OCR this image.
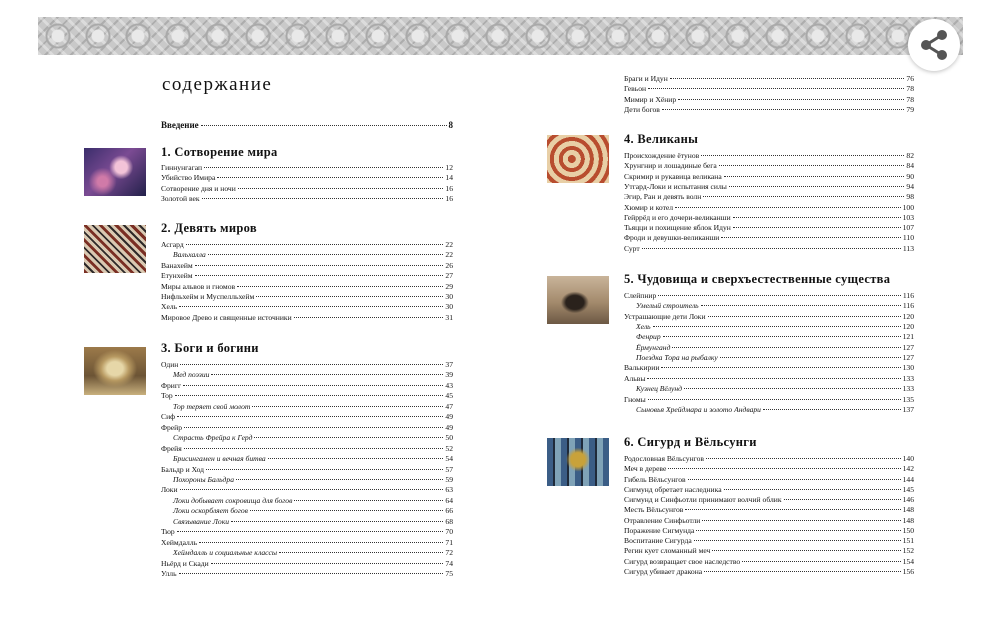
содержание
Введение	8
1. Сотворение мира
Гиннунгагап	12
Убийство Имира	14
Сотворение дня и ночи	16
Золотой век	16
2. Девять миров
Асгард	22
Вальхалла	22
Ванахейм	26
Етунхейм	27
Миры альвов и гномов	29
Нифльхейм и Муспелльхейм	30
Хель	30
Мировое Древо и священные источники	31
3. Боги и богини
Один	37
Мед поэзии	39
Фригг	43
Тор	45
Тор теряет свой молот	47
Сиф	49
Фрейр	49
Страсть Фрейра к Герд	50
Фрейя	52
Брисингамен и вечная битва	54
Бальдр и Ход	57
Похороны Бальдра	59
Локи	63
Локи добывает сокровища для богов	64
Локи оскорбляет богов	66
Связывание Локи	68
Тюр	70
Хеймдалль	71
Хеймдалль и социальные классы	72
Ньёрд и Скади	74
Улль	75
Браги и Идун	76
Гевьон	78
Мимир и Хёнир	78
Дети богов	79
4. Великаны
Происхождение ётунов	82
Хрунгнир и лошадиные бега	84
Скримир и рукавица великана	90
Утгард-Локи и испытания силы	94
Эгир, Ран и девять волн	98
Хюмир и котел	100
Гейррёд и его дочери-великанши	103
Тьяцци и похищение яблок Идун	107
Фроди и девушки-великанши	110
Сурт	113
5. Чудовища и сверхъестественные существа
Слейпнир	116
Умелый строитель	116
Устрашающие дети Локи	120
Хель	120
Фенрир	121
Ёрмунганд	127
Поездка Тора на рыбалку	127
Валькирии	130
Альвы	133
Кузнец Вёлунд	133
Гномы	135
Сыновья Хрейдмара и золото Андвари	137
6. Сигурд и Вёльсунги
Родословная Вёльсунгов	140
Меч в дереве	142
Гибель Вёльсунгов	144
Сигмунд обретает наследника	145
Сигмунд и Синфьотли принимают волчий облик	146
Месть Вёльсунгов	148
Отравление Синфьотли	148
Поражение Сигмунда	150
Воспитание Сигурда	151
Регин кует сломанный меч	152
Сигурд возвращает свое наследство	154
Сигурд убивает дракона	156
